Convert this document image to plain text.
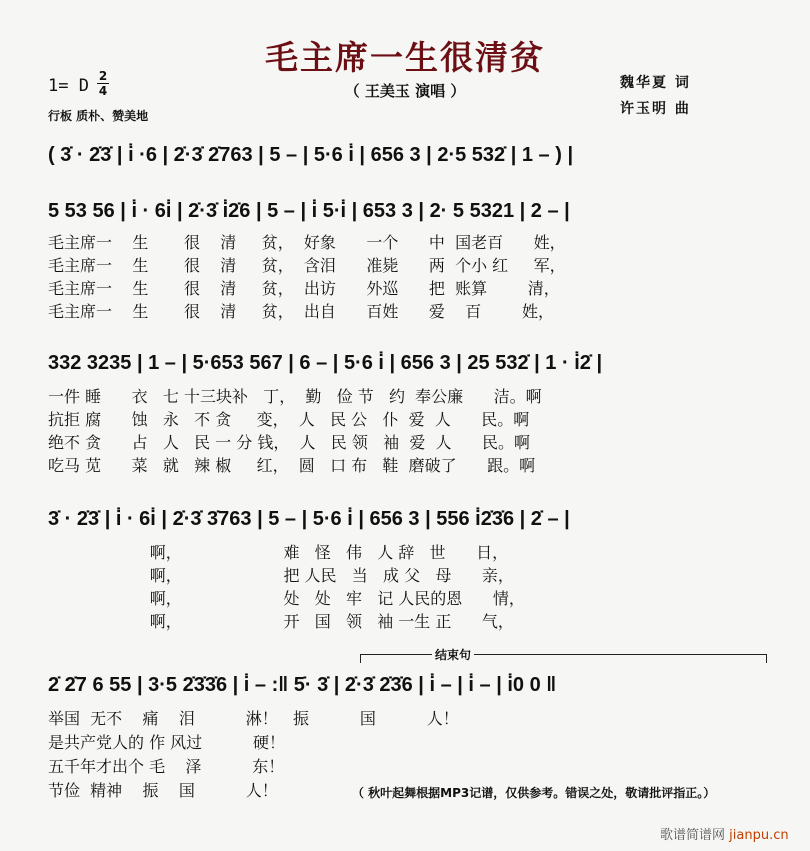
毛主席一生很清贫
（ 王美玉 演唱 ）
1= D 2
4
行板 质朴、赞美地
魏华夏 词
许玉明 曲
( 3̇ · 2̇3̇ | i̇ ·6 | 2̇·3̇ 2̇763 | 5 – | 5·6 i̇ | 656 3 | 2·5 532̇ | 1 – ) |
5 53 56 | i̇ · 6i̇ | 2̇·3̇ i̇2̇6 | 5 – | i̇ 5·i̇ | 653 3 | 2· 5 5321 | 2 – |
毛主席一    生       很    清     贫，  好象      一个      中  国老百      姓，
毛主席一    生       很    清     贫，  含泪      准毙      两  个小 红     军，
毛主席一    生       很    清     贫，  出访      外巡      把  账算        清，
毛主席一    生       很    清     贫，  出自      百姓      爱    百        姓，
332 3235 | 1 – | 5·653 567 | 6 – | 5·6 i̇ | 656 3 | 25 532̇ | 1 · i̇2̇ |
一件 睡      衣   七 十三块补   丁，  勤   俭 节   约  奉公廉      洁。啊
抗拒 腐      蚀   永   不 贪     变，  人   民 公   仆  爱  人      民。啊
绝不 贪      占   人   民 一 分 钱，  人   民 领   袖  爱  人      民。啊
吃马 苋      菜   就   辣 椒     红，  圆   口 布   鞋  磨破了      跟。啊
3̇ · 2̇3̇ | i̇ · 6i̇ | 2̇·3̇ 3̇763 | 5 – | 5·6 i̇ | 656 3 | 556 i̇2̇3̇6 | 2̇ – |
啊，                    难   怪   伟   人 辞   世      日，
啊，                    把 人民   当   成 父   母      亲，
啊，                    处   处   牢   记 人民的恩      情，
啊，                    开   国   领   袖 一生 正      气，
结束句
2̇ 2̇7 6 55 | 3·5 2̇3̇3̇6 | i̇ – :‖ 5̇· 3̇ | 2̇·3̇ 2̇3̇6 | i̇ – | i̇ – | i̇0 0 ‖
举国  无不    痛    泪          淋！   振          国          人！
是共产党人的 作 风过          硬！
五千年才出个 毛    泽          东！
节俭  精神    振    国          人！	（ 秋叶起舞根据MP3记谱，仅供参考。错误之处，敬请批评指正。）
歌谱简谱网 jianpu.cn
